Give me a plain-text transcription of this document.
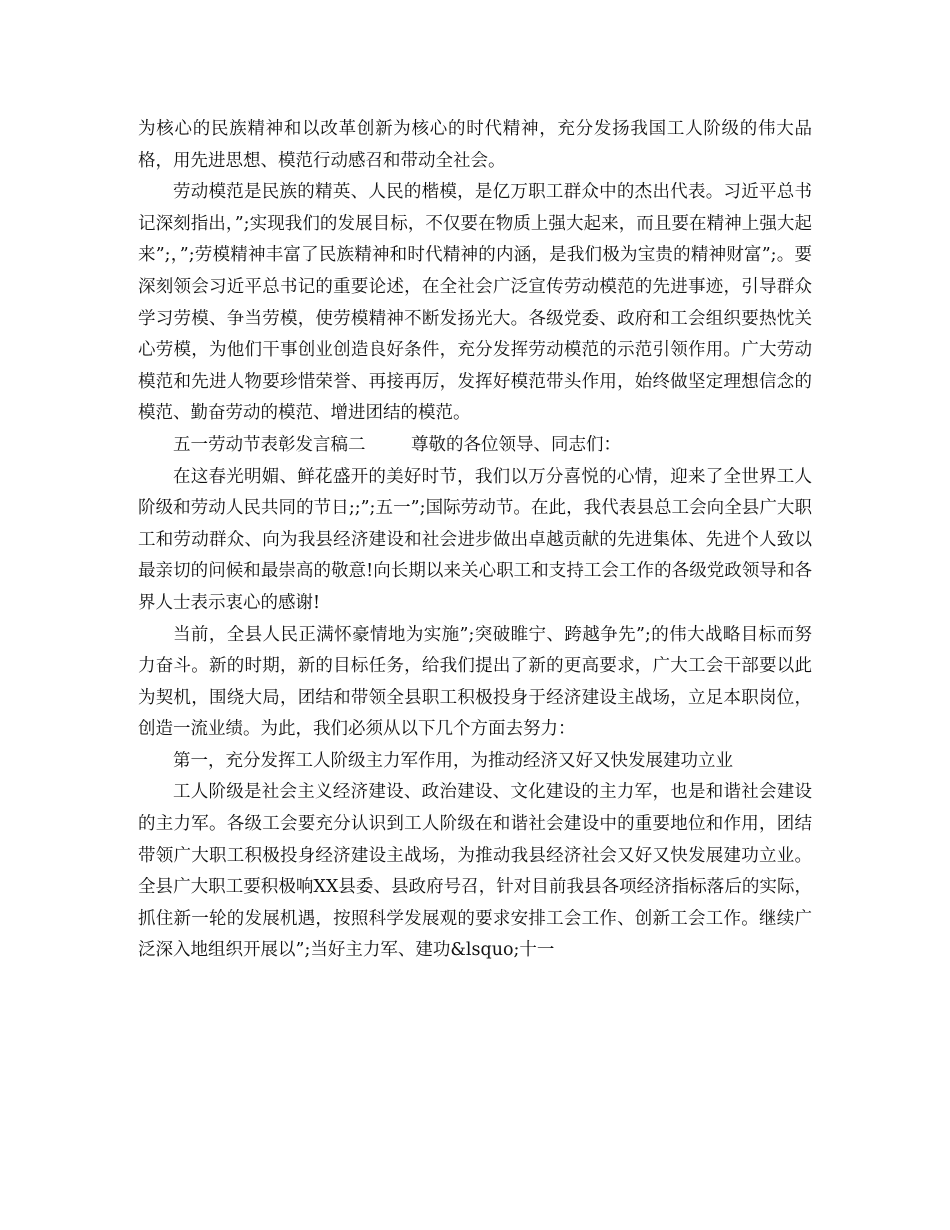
为核心的民族精神和以改革创新为核心的时代精神，充分发扬我国工人阶级的伟大品格，用先进思想、模范行动感召和带动全社会。

劳动模范是民族的精英、人民的楷模，是亿万职工群众中的杰出代表。习近平总书记深刻指出，”;实现我们的发展目标，不仅要在物质上强大起来，而且要在精神上强大起来”;，”;劳模精神丰富了民族精神和时代精神的内涵，是我们极为宝贵的精神财富”;。要深刻领会习近平总书记的重要论述，在全社会广泛宣传劳动模范的先进事迹，引导群众学习劳模、争当劳模，使劳模精神不断发扬光大。各级党委、政府和工会组织要热忱关心劳模，为他们干事创业创造良好条件，充分发挥劳动模范的示范引领作用。广大劳动模范和先进人物要珍惜荣誉、再接再厉，发挥好模范带头作用，始终做坚定理想信念的模范、勤奋劳动的模范、增进团结的模范。

五一劳动节表彰发言稿二	尊敬的各位领导、同志们：

在这春光明媚、鲜花盛开的美好时节，我们以万分喜悦的心情，迎来了全世界工人阶级和劳动人民共同的节日;;”;五一”;国际劳动节。在此，我代表县总工会向全县广大职工和劳动群众、向为我县经济建设和社会进步做出卓越贡献的先进集体、先进个人致以最亲切的问候和最崇高的敬意!向长期以来关心职工和支持工会工作的各级党政领导和各界人士表示衷心的感谢!

当前，全县人民正满怀豪情地为实施”;突破睢宁、跨越争先”;的伟大战略目标而努力奋斗。新的时期，新的目标任务，给我们提出了新的更高要求，广大工会干部要以此为契机，围绕大局，团结和带领全县职工积极投身于经济建设主战场，立足本职岗位，创造一流业绩。为此，我们必须从以下几个方面去努力：

第一，充分发挥工人阶级主力军作用，为推动经济又好又快发展建功立业

工人阶级是社会主义经济建设、政治建设、文化建设的主力军，也是和谐社会建设的主力军。各级工会要充分认识到工人阶级在和谐社会建设中的重要地位和作用，团结带领广大职工积极投身经济建设主战场，为推动我县经济社会又好又快发展建功立业。全县广大职工要积极响XX县委、县政府号召，针对目前我县各项经济指标落后的实际，抓住新一轮的发展机遇，按照科学发展观的要求安排工会工作、创新工会工作。继续广泛深入地组织开展以”;当好主力军、建功&lsquo;十一
